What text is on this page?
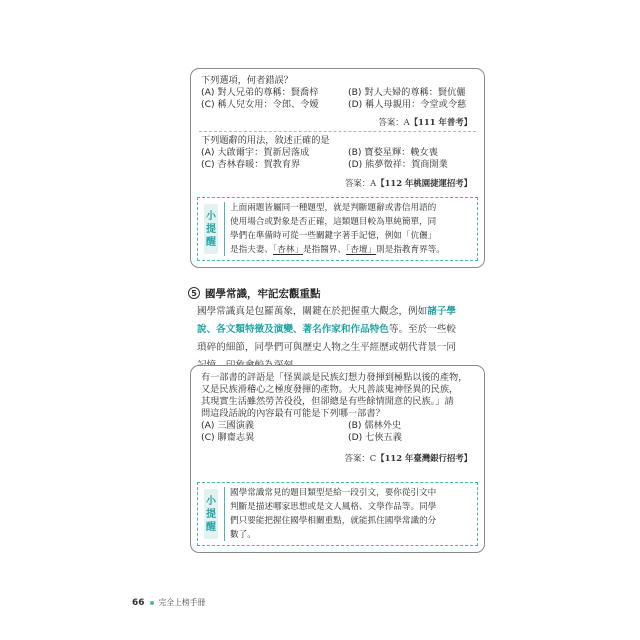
下列選項，何者錯誤？
(A) 對人兄弟的尊稱：賢喬梓	(B) 對人夫婦的尊稱：賢伉儷
(C) 稱人兒女用：令郎、令嫒	(D) 稱人母親用：令堂或令慈
答案：A【111 年普考】
下列題辭的用法，敘述正確的是
(A) 大啟爾宇：賀新居落成	(B) 寶婺星輝：輓女喪
(C) 杏林春暖：賀教育界	(D) 熊夢徵祥：賀商開業
答案：A【112 年桃園捷運招考】
小
提
醒
上面兩題皆屬同一種題型，就是判斷題辭或書信用語的
使用場合或對象是否正確，這類題目較為單純簡單，同
學們在準備時可從一些關鍵字著手記憶，例如「伉儷」
是指夫妻、「杏林」是指醫界、「杏壇」則是指教育界等。
5 國學常識，牢記宏觀重點
國學常識真是包羅萬象，關鍵在於把握重大觀念，例如諸子學
說、各文類特徵及演變、著名作家和作品特色等。至於一些較
瑣碎的細節，同學們可與歷史人物之生平經歷或朝代背景一同
有一部書的評語是「怪異談是民族幻想力發揮到極點以後的產物，
又是民族滑稽心之極度發揮的產物。大凡善談鬼神怪異的民族，
其現實生活雖然勞苦役役，但卻總是有些餘情閒意的民族。」請
問這段話說的內容最有可能是下列哪一部書？
(A) 三國演義	(B) 儒林外史
(C) 聊齋志異	(D) 七俠五義
答案：C【112 年臺灣銀行招考】
小
提
醒
國學常識常見的題目類型是給一段引文，要你從引文中
判斷是描述哪家思想或是文人風格、文學作品等。同學
們只要能把握住國學相關重點，就能抓住國學常識的分
數了。
66 完全上榜手冊
